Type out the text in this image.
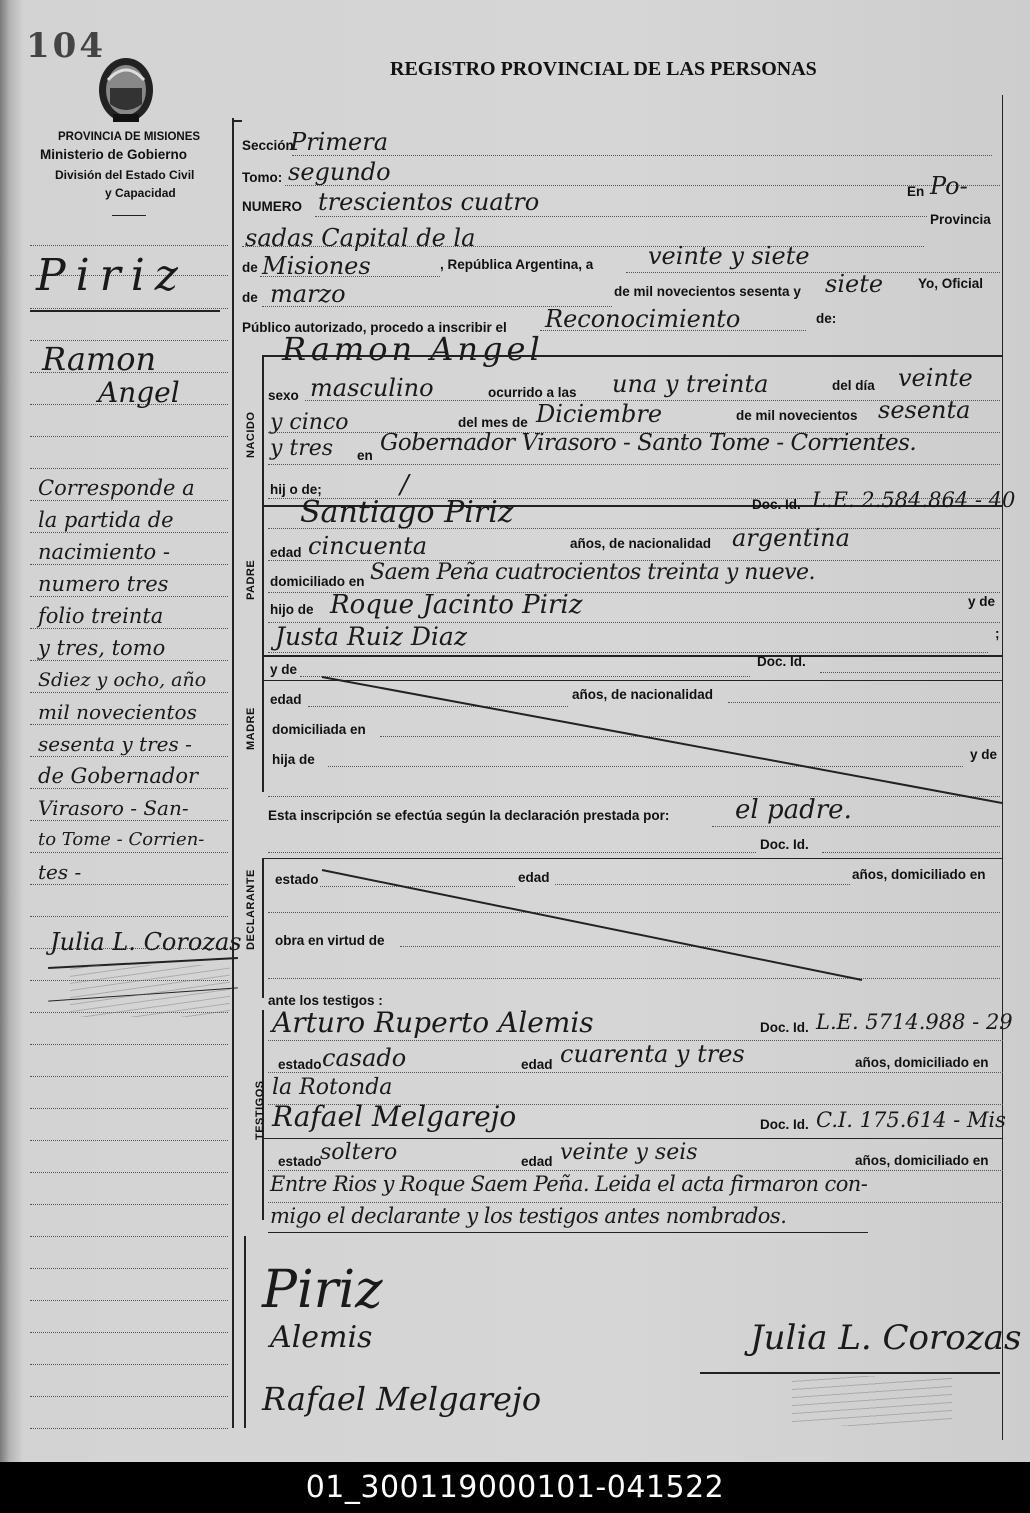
104
PROVINCIA DE MISIONES
Ministerio de Gobierno
División del Estado Civil
y Capacidad
REGISTRO PROVINCIAL DE LAS PERSONAS
Piriz
Ramon
Angel
Corresponde a
la partida de
nacimiento -
numero tres
folio treinta
y tres, tomo
Sdiez y ocho, año
mil novecientos
sesenta y tres -
de Gobernador
Virasoro - San-
to Tome - Corrien-
tes -
Julia L. Corozas
Sección
Primera
Tomo: segundo
NUMERO trescientos cuatro	En Po-
sadas Capital de la
Provincia
de Misiones	, República Argentina, a veinte y siete
de marzo	de mil novecientos sesenta y siete	Yo, Oficial
Público autorizado, procedo a inscribir el Reconocimiento	de:
Ramon Angel
NACIDO
sexo masculino	ocurrido a las una y treinta	del día veinte
y cinco	del mes de Diciembre	de mil novecientos sesenta
y tres en Gobernador Virasoro - Santo Tome - Corrientes.
hij o de;	/
PADRE
Santiago Piriz	Doc. Id. L.E. 2.584.864 - 40
edad cincuenta	años, de nacionalidad argentina
domiciliado en Saem Peña cuatrocientos treinta y nueve.
hijo de Roque Jacinto Piriz	y de
Justa Ruiz Diaz	;
MADRE
y de
Doc. Id.
edad	años, de nacionalidad
domiciliada en
hija de	y de
Esta inscripción se efectúa según la declaración prestada por:	el padre.
Doc. Id.
DECLARANTE estado	edad	años, domiciliado en
obra en virtud de
ante los testigos :
TESTIGOS
Arturo Ruperto Alemis	Doc. Id. L.E. 5714.988 - 29
estado casado	edad cuarenta y tres	años, domiciliado en
la Rotonda
Rafael Melgarejo	Doc. Id. C.I. 175.614 - Mis
estado
soltero	edad veinte y seis	años, domiciliado en
Entre Rios y Roque Saem Peña. Leida el acta firmaron con-
migo el declarante y los testigos antes nombrados.
Piriz
Alemis
Rafael Melgarejo
Julia L. Corozas
01_300119000101-041522
